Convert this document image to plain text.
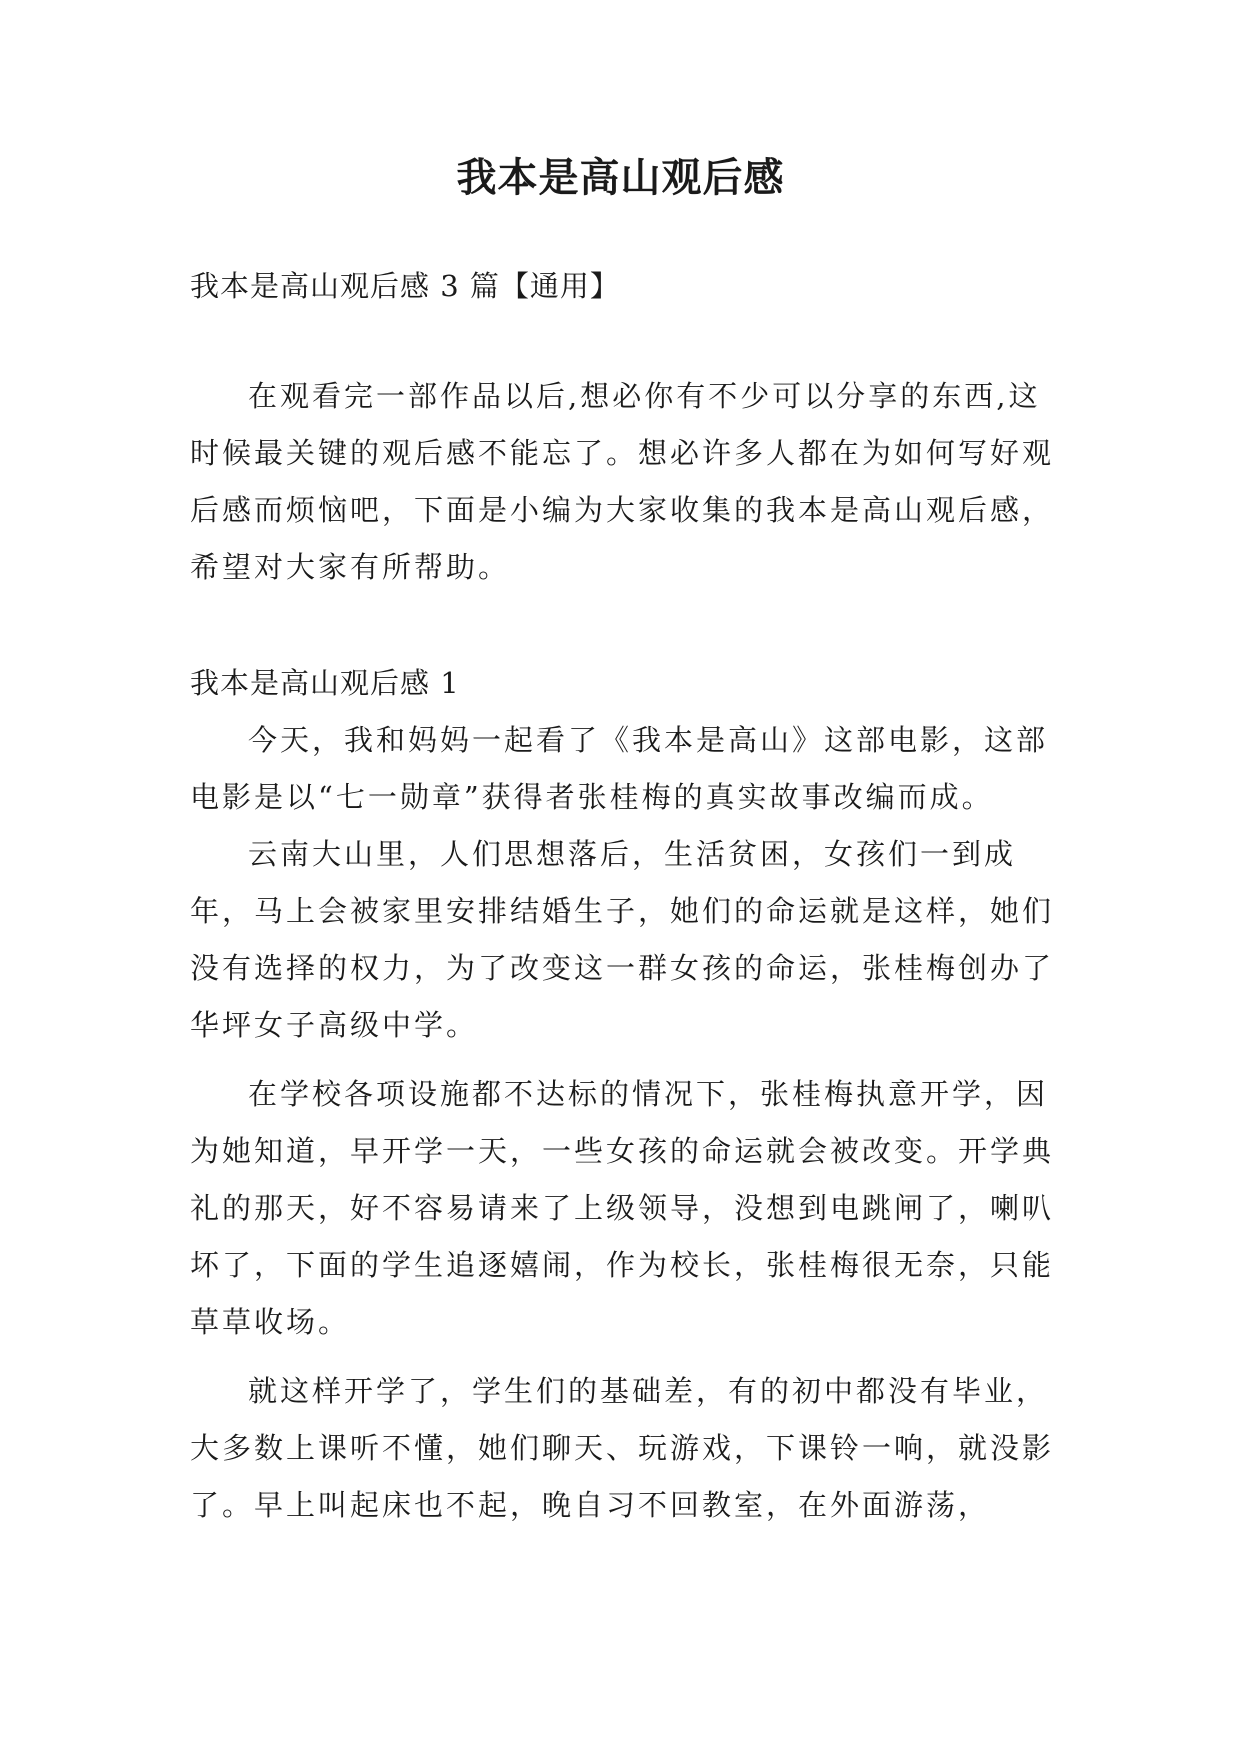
我本是高山观后感

我本是高山观后感 3 篇【通用】

在观看完一部作品以后,想必你有不少可以分享的东西,这时候最关键的观后感不能忘了。想必许多人都在为如何写好观后感而烦恼吧，下面是小编为大家收集的我本是高山观后感，希望对大家有所帮助。

我本是高山观后感 1

今天，我和妈妈一起看了《我本是高山》这部电影，这部电影是以“七一勋章”获得者张桂梅的真实故事改编而成。

云南大山里，人们思想落后，生活贫困，女孩们一到成年，马上会被家里安排结婚生子，她们的命运就是这样，她们没有选择的权力，为了改变这一群女孩的命运，张桂梅创办了华坪女子高级中学。

在学校各项设施都不达标的情况下，张桂梅执意开学，因为她知道，早开学一天，一些女孩的命运就会被改变。开学典礼的那天，好不容易请来了上级领导，没想到电跳闸了，喇叭坏了，下面的学生追逐嬉闹，作为校长，张桂梅很无奈，只能草草收场。

就这样开学了，学生们的基础差，有的初中都没有毕业，大多数上课听不懂，她们聊天、玩游戏，下课铃一响，就没影了。早上叫起床也不起，晚自习不回教室，在外面游荡，
